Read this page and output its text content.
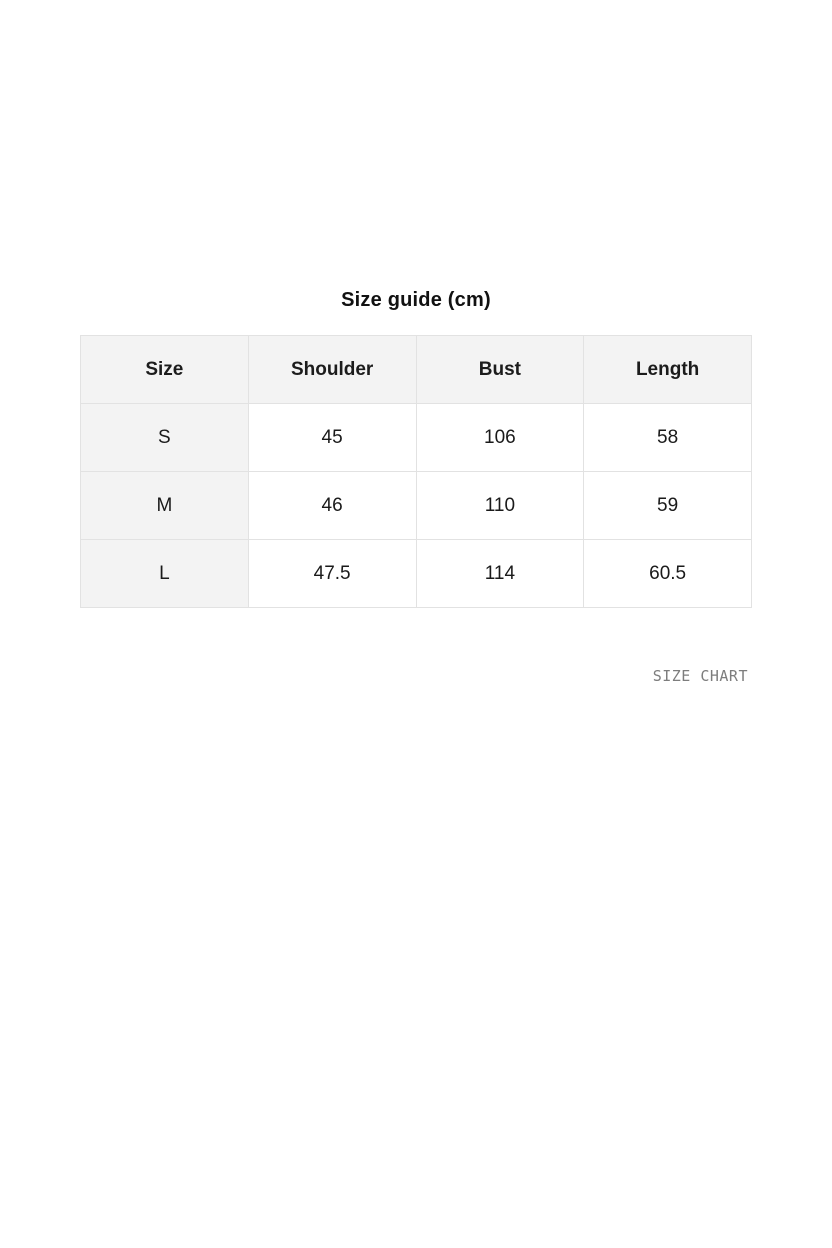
Size guide (cm)
Size	Shoulder	Bust	Length
S	45	106	58
M	46	110	59
L	47.5	114	60.5
SIZE CHART
